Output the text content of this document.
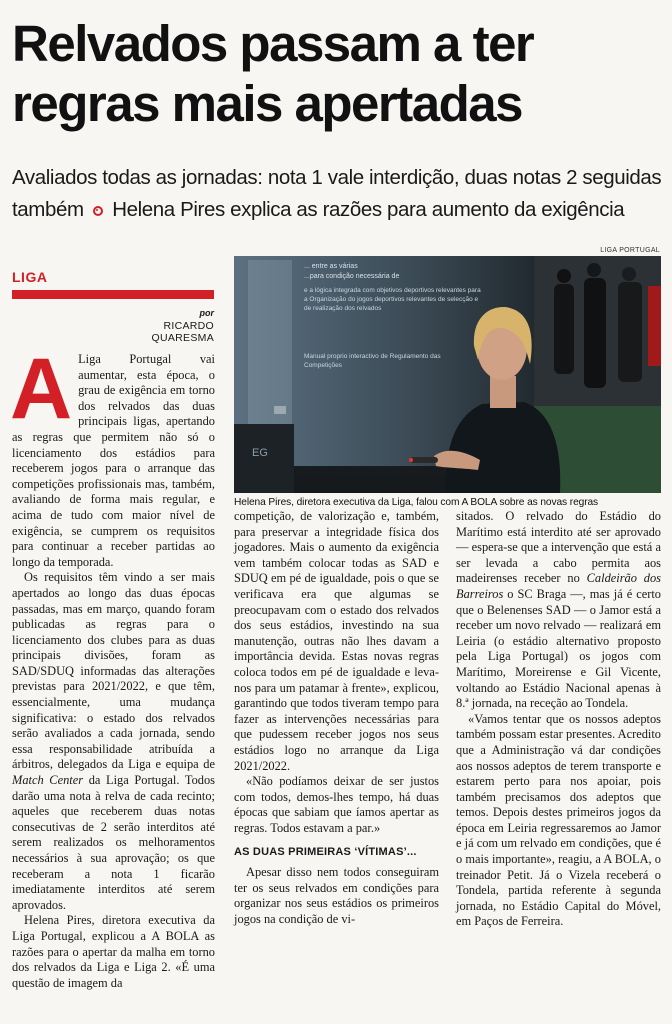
Relvados passam a ter
regras mais apertadas
Avaliados todas as jornadas: nota 1 vale interdição, duas notas 2 seguidas também Helena Pires explica as razões para aumento da exigência
LIGA
por
RICARDO QUARESMA
LIGA PORTUGAL
EG
... entre as várias
...para condição necessária de
e a lógica integrada com objetivos deportivos relevantes para a Organização do jogos deportivos relevantes de selecção e de realização dos relvados
Manual proprio interactivo de Regulamento das Competições
Helena Pires, diretora executiva da Liga, falou com A BOLA sobre as novas regras
A Liga Portugal vai aumentar, esta época, o grau de exigência em torno dos relvados das duas principais ligas, apertando as regras que permitem não só o licenciamento dos estádios para receberem jogos para o arranque das competições profissionais mas, também, avaliando de forma mais regular, e acima de tudo com maior nível de exigência, se cumprem os requisitos para continuar a receber partidas ao longo da temporada.

Os requisitos têm vindo a ser mais apertados ao longo das duas épocas passadas, mas em março, quando foram publicadas as regras para o licenciamento dos clubes para as duas principais divisões, foram as SAD/SDUQ informadas das alterações previstas para 2021/2022, e que têm, essencialmente, uma mudança significativa: o estado dos relvados serão avaliados a cada jornada, sendo essa responsabilidade atribuída a árbitros, delegados da Liga e equipa de Match Center da Liga Portugal. Todos darão uma nota à relva de cada recinto; aqueles que receberem duas notas consecutivas de 2 serão interditos até serem realizados os melhoramentos necessários à sua aprovação; os que receberam a nota 1 ficarão imediatamente interditos até serem aprovados.

Helena Pires, diretora executiva da Liga Portugal, explicou a A BOLA as razões para o apertar da malha em torno dos relvados da Liga e Liga 2. «É uma questão de imagem da

competição, de valorização e, também, para preservar a integridade física dos jogadores. Mais o aumento da exigência vem também colocar todas as SAD e SDUQ em pé de igualdade, pois o que se verificava era que algumas se preocupavam com o estado dos relvados dos seus estádios, investindo na sua manutenção, outras não lhes davam a importância devida. Estas novas regras coloca todos em pé de igualdade e leva-nos para um patamar à frente», explicou, garantindo que todos tiveram tempo para fazer as intervenções necessárias para que pudessem receber jogos nos seus estádios logo no arranque da Liga 2021/2022.

«Não podíamos deixar de ser justos com todos, demos-lhes tempo, há duas épocas que sabiam que íamos apertar as regras. Todos estavam a par.»

AS DUAS PRIMEIRAS ‘VÍTIMAS’...

Apesar disso nem todos conseguiram ter os seus relvados em condições para organizar nos seus estádios os primeiros jogos na condição de vi-

sitados. O relvado do Estádio do Marítimo está interdito até ser aprovado — espera-se que a intervenção que está a ser levada a cabo permita aos madeirenses receber no Caldeirão dos Barreiros o SC Braga —, mas já é certo que o Belenenses SAD — o Jamor está a receber um novo relvado — realizará em Leiria (o estádio alternativo proposto pela Liga Portugal) os jogos com Marítimo, Moreirense e Gil Vicente, voltando ao Estádio Nacional apenas à 8.ª jornada, na receção ao Tondela.

«Vamos tentar que os nossos adeptos também possam estar presentes. Acredito que a Administração vá dar condições aos nossos adeptos de terem transporte e estarem perto para nos apoiar, pois também precisamos dos adeptos que temos. Depois destes primeiros jogos da época em Leiria regressaremos ao Jamor e já com um relvado em condições, que é o mais importante», reagiu, a A BOLA, o treinador Petit. Já o Vizela receberá o Tondela, partida referente à segunda jornada, no Estádio Capital do Móvel, em Paços de Ferreira.
